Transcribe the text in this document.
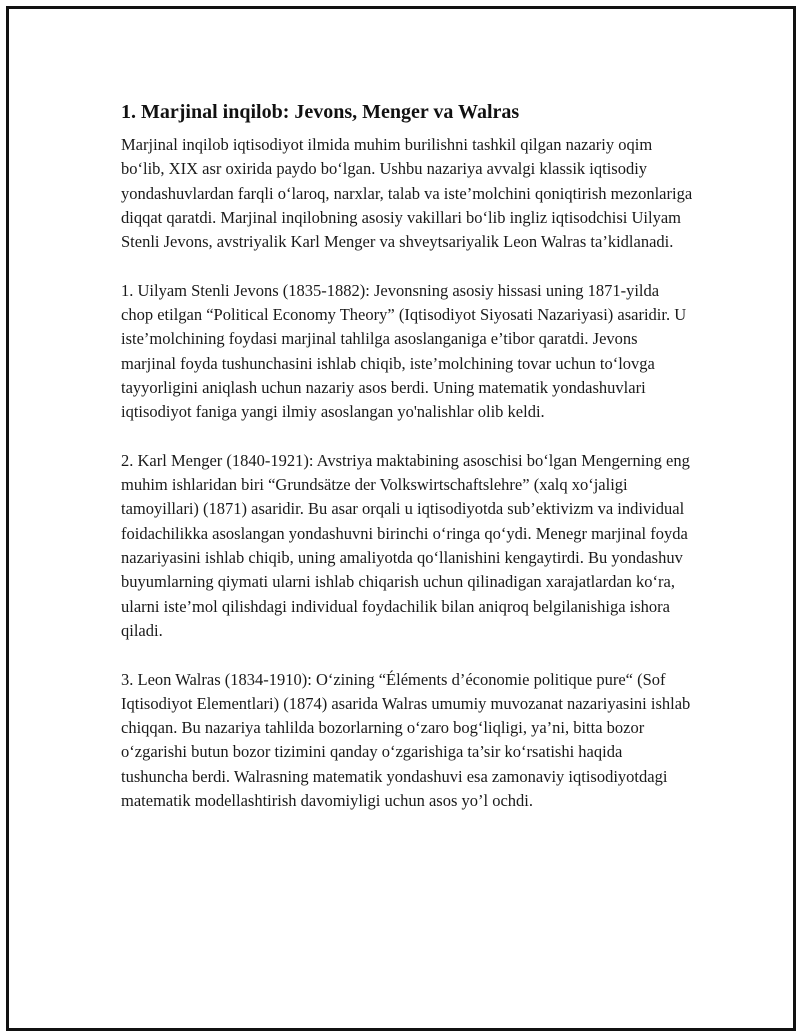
1. Marjinal inqilob: Jevons, Menger va Walras

Marjinal inqilob iqtisodiyot ilmida muhim burilishni tashkil qilgan nazariy oqim bo‘lib, XIX asr oxirida paydo bo‘lgan. Ushbu nazariya avvalgi klassik iqtisodiy yondashuvlardan farqli o‘laroq, narxlar, talab va iste’molchini qoniqtirish mezonlariga diqqat qaratdi. Marjinal inqilobning asosiy vakillari bo‘lib ingliz iqtisodchisi Uilyam Stenli Jevons, avstriyalik Karl Menger va shveytsariyalik Leon Walras ta’kidlanadi.

1. Uilyam Stenli Jevons (1835-1882): Jevonsning asosiy hissasi uning 1871-yilda chop etilgan “Political Economy Theory” (Iqtisodiyot Siyosati Nazariyasi) asaridir. U iste’molchining foydasi marjinal tahlilga asoslanganiga e’tibor qaratdi. Jevons marjinal foyda tushunchasini ishlab chiqib, iste’molchining tovar uchun to‘lovga tayyorligini aniqlash uchun nazariy asos berdi. Uning matematik yondashuvlari iqtisodiyot faniga yangi ilmiy asoslangan yo'nalishlar olib keldi.

2. Karl Menger (1840-1921): Avstriya maktabining asoschisi bo‘lgan Mengerning eng muhim ishlaridan biri “Grundsätze der Volkswirtschaftslehre” (xalq xo‘jaligi tamoyillari) (1871) asaridir. Bu asar orqali u iqtisodiyotda sub’ektivizm va individual foidachilikka asoslangan yondashuvni birinchi o‘ringa qo‘ydi. Menegr marjinal foyda nazariyasini ishlab chiqib, uning amaliyotda qo‘llanishini kengaytirdi. Bu yondashuv buyumlarning qiymati ularni ishlab chiqarish uchun qilinadigan xarajatlardan ko‘ra, ularni iste’mol qilishdagi individual foydachilik bilan aniqroq belgilanishiga ishora qiladi.

3. Leon Walras (1834-1910): O‘zining “Éléments d’économie politique pure“ (Sof Iqtisodiyot Elementlari) (1874) asarida Walras umumiy muvozanat nazariyasini ishlab chiqqan. Bu nazariya tahlilda bozorlarning o‘zaro bog‘liqligi, ya’ni, bitta bozor o‘zgarishi butun bozor tizimini qanday o‘zgarishiga ta’sir ko‘rsatishi haqida tushuncha berdi. Walrasning matematik yondashuvi esa zamonaviy iqtisodiyotdagi matematik modellashtirish davomiyligi uchun asos yo’l ochdi.
